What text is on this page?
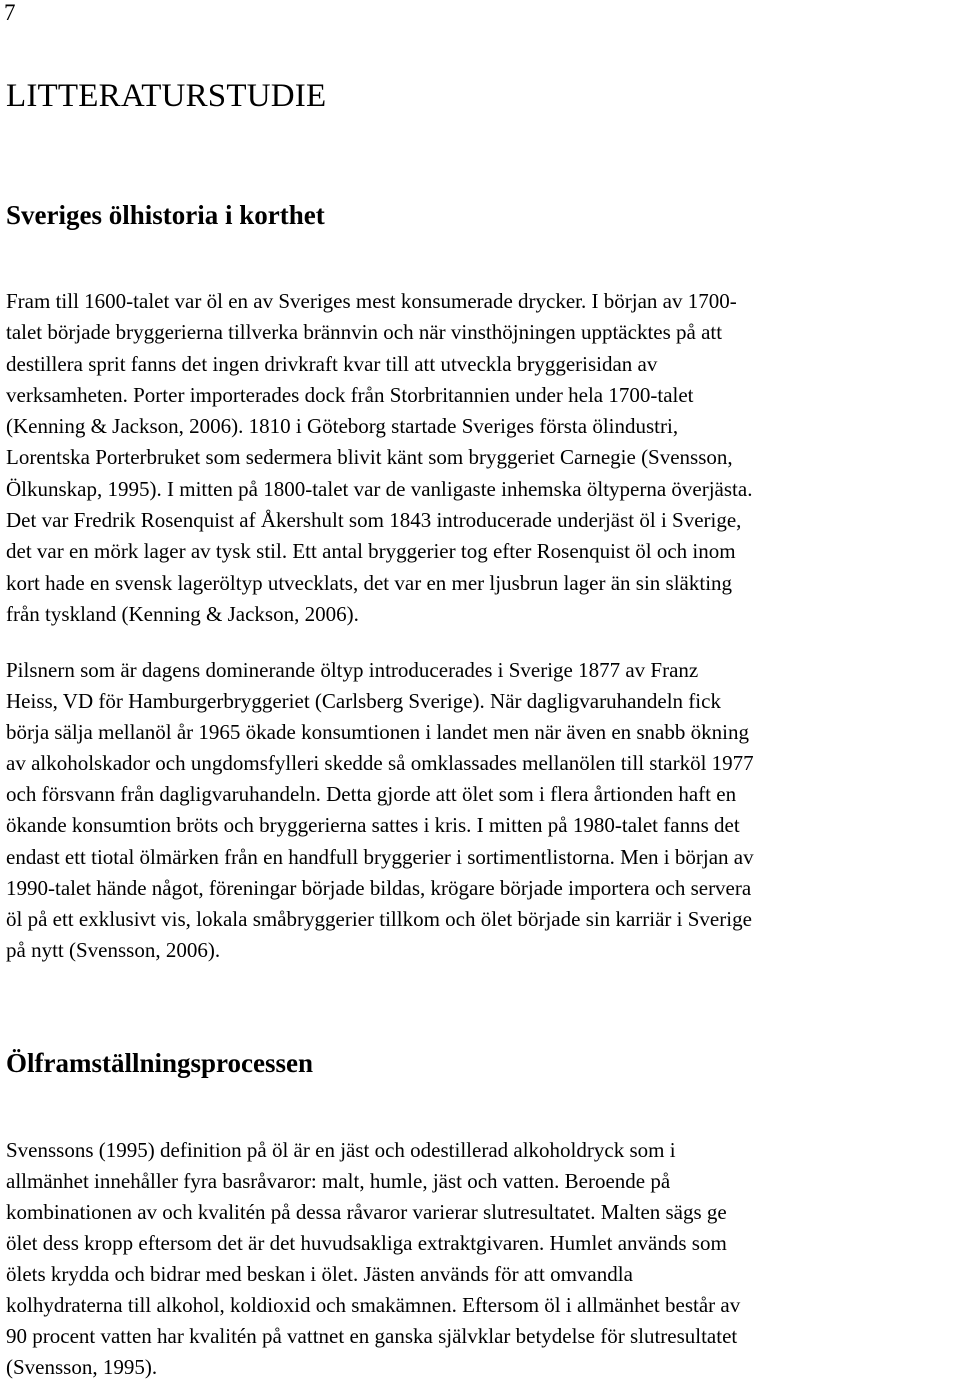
7
LITTERATURSTUDIE
Sveriges ölhistoria i korthet
Fram till 1600-talet var öl en av Sveriges mest konsumerade drycker. I början av 1700-
talet började bryggerierna tillverka brännvin och när vinsthöjningen upptäcktes på att
destillera sprit fanns det ingen drivkraft kvar till att utveckla bryggerisidan av
verksamheten. Porter importerades dock från Storbritannien under hela 1700-talet
(Kenning & Jackson, 2006). 1810 i Göteborg startade Sveriges första ölindustri,
Lorentska Porterbruket som sedermera blivit känt som bryggeriet Carnegie (Svensson,
Ölkunskap, 1995). I mitten på 1800-talet var de vanligaste inhemska öltyperna överjästa.
Det var Fredrik Rosenquist af Åkershult som 1843 introducerade underjäst öl i Sverige,
det var en mörk lager av tysk stil. Ett antal bryggerier tog efter Rosenquist öl och inom
kort hade en svensk lageröltyp utvecklats, det var en mer ljusbrun lager än sin släkting
från tyskland (Kenning & Jackson, 2006).
Pilsnern som är dagens dominerande öltyp introducerades i Sverige 1877 av Franz
Heiss, VD för Hamburgerbryggeriet (Carlsberg Sverige). När dagligvaruhandeln fick
börja sälja mellanöl år 1965 ökade konsumtionen i landet men när även en snabb ökning
av alkoholskador och ungdomsfylleri skedde så omklassades mellanölen till starköl 1977
och försvann från dagligvaruhandeln. Detta gjorde att ölet som i flera årtionden haft en
ökande konsumtion bröts och bryggerierna sattes i kris. I mitten på 1980-talet fanns det
endast ett tiotal ölmärken från en handfull bryggerier i sortimentlistorna. Men i början av
1990-talet hände något, föreningar började bildas, krögare började importera och servera
öl på ett exklusivt vis, lokala småbryggerier tillkom och ölet började sin karriär i Sverige
på nytt (Svensson, 2006).
Ölframställningsprocessen
Svenssons (1995) definition på öl är en jäst och odestillerad alkoholdryck som i
allmänhet innehåller fyra basråvaror: malt, humle, jäst och vatten. Beroende på
kombinationen av och kvalitén på dessa råvaror varierar slutresultatet. Malten sägs ge
ölet dess kropp eftersom det är det huvudsakliga extraktgivaren. Humlet används som
ölets krydda och bidrar med beskan i ölet. Jästen används för att omvandla
kolhydraterna till alkohol, koldioxid och smakämnen. Eftersom öl i allmänhet består av
90 procent vatten har kvalitén på vattnet en ganska självklar betydelse för slutresultatet
(Svensson, 1995).
